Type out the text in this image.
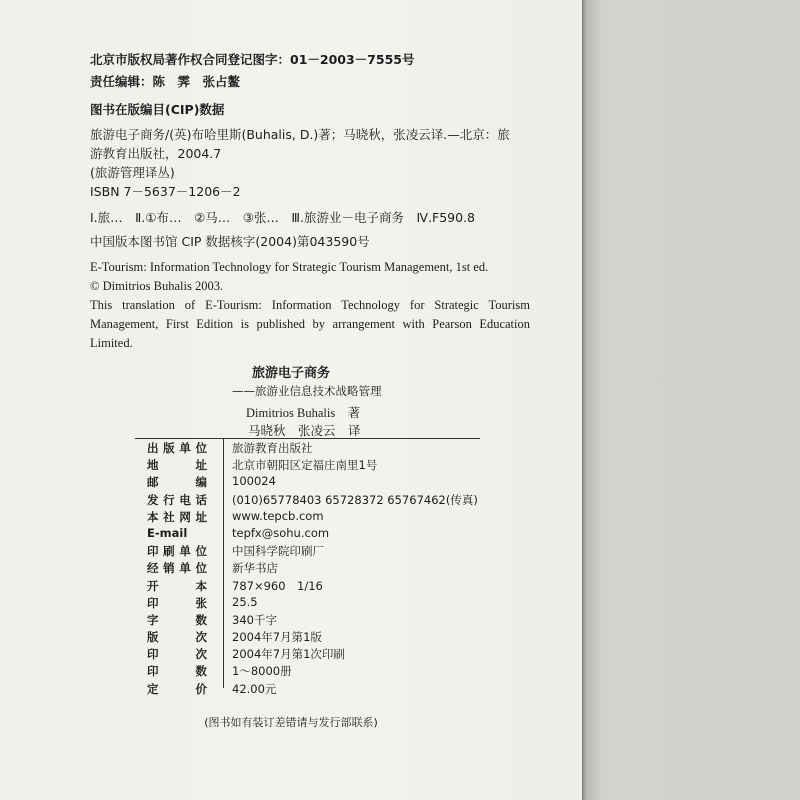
北京市版权局著作权合同登记图字：01－2003－7555号
责任编辑：陈　霁　张占鳌
图书在版编目(CIP)数据
旅游电子商务/(英)布哈里斯(Buhalis, D.)著；马晓秋，张凌云译.—北京：旅
游教育出版社，2004.7
(旅游管理译丛)
ISBN 7－5637－1206－2
Ⅰ.旅…　Ⅱ.①布…　②马…　③张…　Ⅲ.旅游业－电子商务　Ⅳ.F590.8
中国版本图书馆 CIP 数据核字(2004)第043590号
E-Tourism: Information Technology for Strategic Tourism Management, 1st ed.
© Dimitrios Buhalis 2003.
This translation of E-Tourism: Information Technology for Strategic Tourism Management, First Edition is published by arrangement with Pearson Education Limited.
旅游电子商务
——旅游业信息技术战略管理
Dimitrios Buhalis　著
马晓秋　张凌云　译
出版单位 旅游教育出版社
地址 北京市朝阳区定福庄南里1号
邮编 100024
发行电话 (010)65778403 65728372 65767462(传真)
本社网址 www.tepcb.com
E-mail	tepfx@sohu.com
印刷单位 中国科学院印刷厂
经销单位 新华书店
开本 787×960　1/16
印张 25.5
字数 340千字
版次 2004年7月第1版
印次 2004年7月第1次印刷
印数 1～8000册
定价 42.00元
(图书如有装订差错请与发行部联系)
